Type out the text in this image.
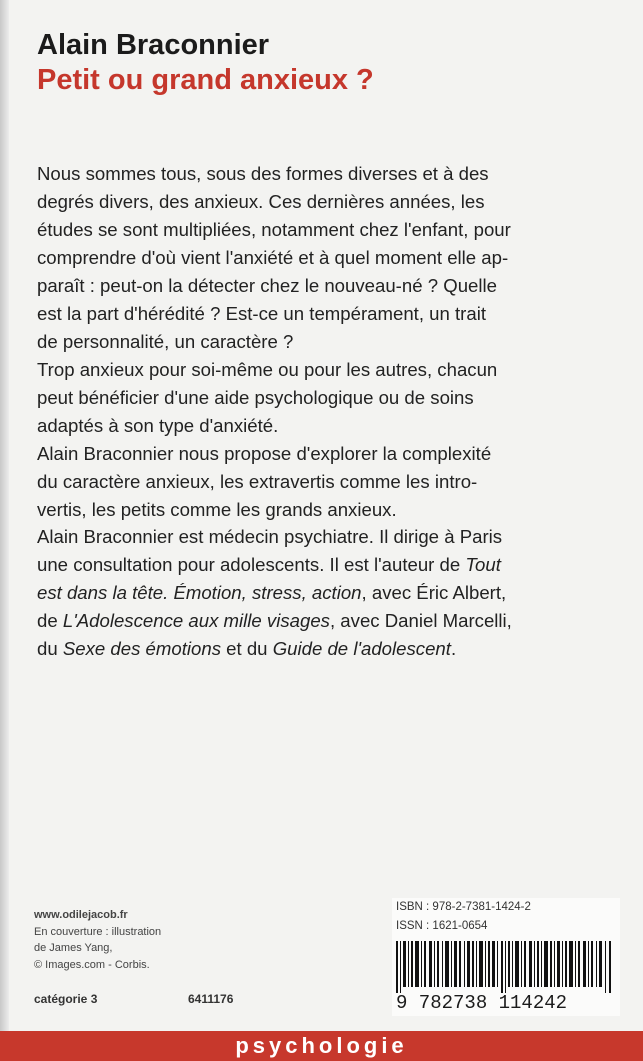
Alain Braconnier
Petit ou grand anxieux ?

Nous sommes tous, sous des formes diverses et à des

degrés divers, des anxieux. Ces dernières années, les

études se sont multipliées, notamment chez l'enfant, pour

comprendre d'où vient l'anxiété et à quel moment elle ap-

paraît : peut-on la détecter chez le nouveau-né ? Quelle

est la part d'hérédité ? Est-ce un tempérament, un trait

de personnalité, un caractère ?

Trop anxieux pour soi-même ou pour les autres, chacun

peut bénéficier d'une aide psychologique ou de soins

adaptés à son type d'anxiété.

Alain Braconnier nous propose d'explorer la complexité

du caractère anxieux, les extravertis comme les intro-

vertis, les petits comme les grands anxieux.

Alain Braconnier est médecin psychiatre. Il dirige à Paris

une consultation pour adolescents. Il est l'auteur de Tout

est dans la tête. Émotion, stress, action, avec Éric Albert,

de L'Adolescence aux mille visages, avec Daniel Marcelli,

du Sexe des émotions et du Guide de l'adolescent.

www.odilejacob.fr
En couverture : illustration
de James Yang,
© Images.com - Corbis.
catégorie 3	6411176
ISBN : 978-2-7381-1424-2
ISSN : 1621-0654
9 782738 114242
psychologie
